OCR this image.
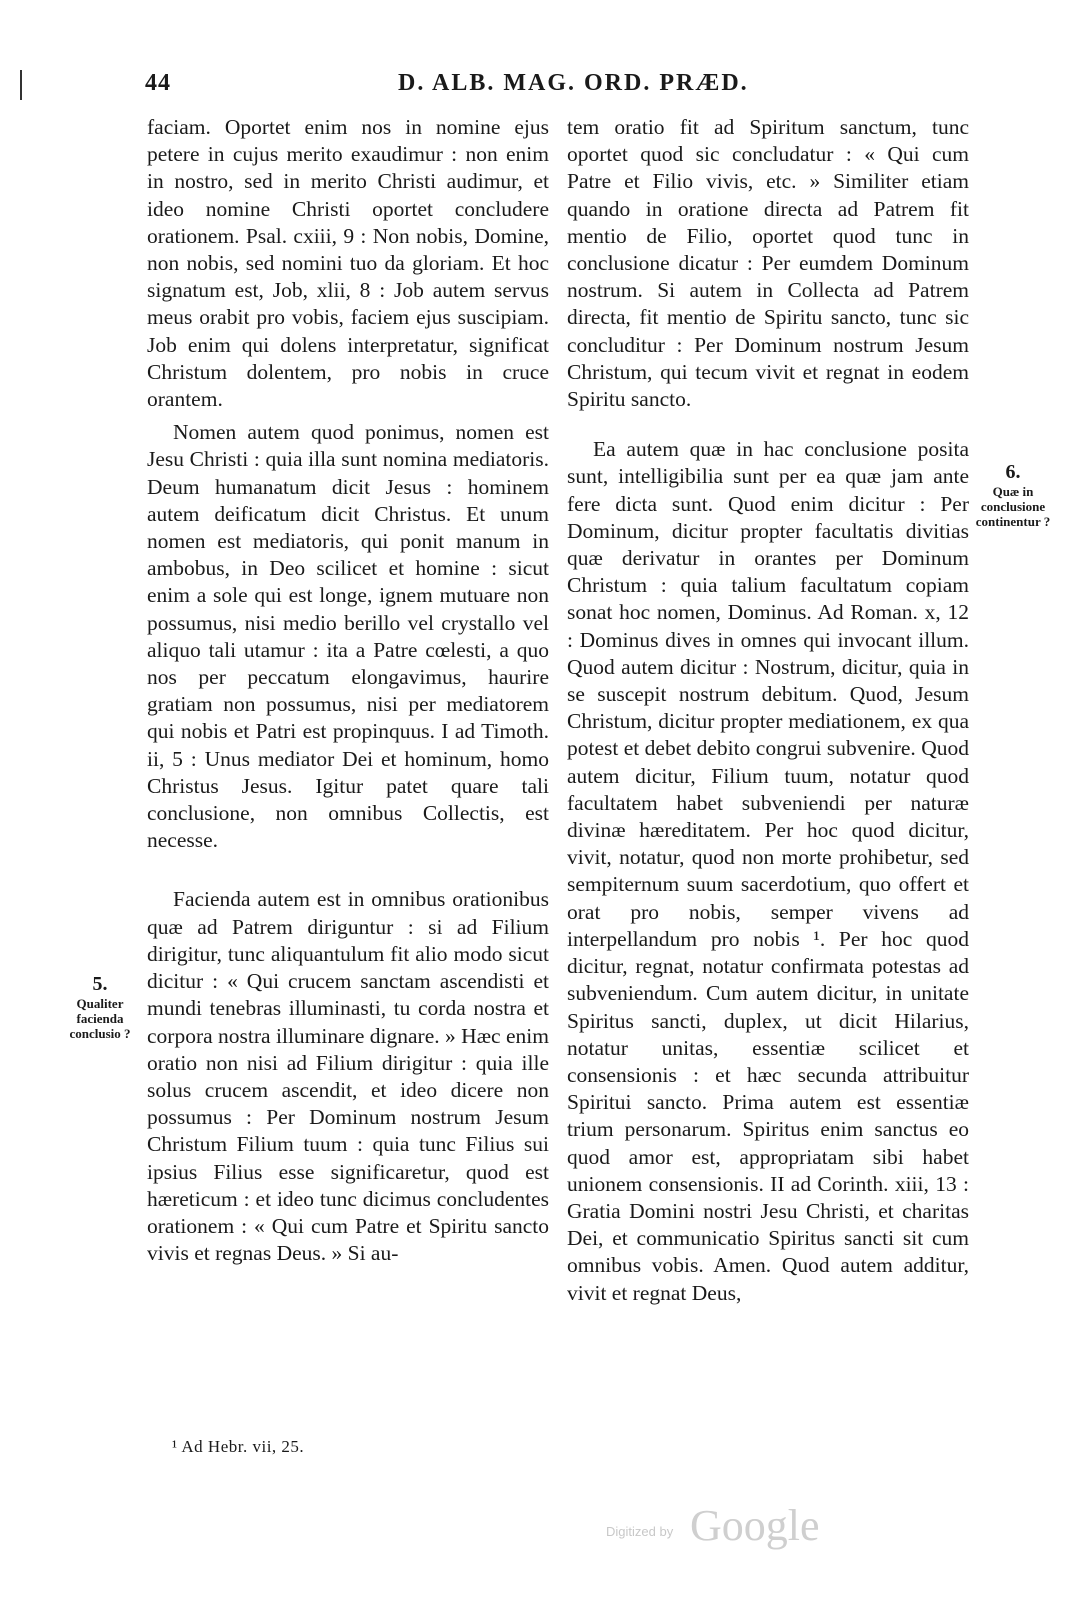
44	D. ALB. MAG. ORD. PRÆD.

faciam. Oportet enim nos in nomine ejus petere in cujus merito exaudimur : non enim in nostro, sed in merito Christi audimur, et ideo nomine Christi oportet concludere orationem. Psal. cxiii, 9 : Non nobis, Domine, non nobis, sed nomini tuo da gloriam. Et hoc signatum est, Job, xlii, 8 : Job autem servus meus orabit pro vobis, faciem ejus suscipiam. Job enim qui dolens interpretatur, significat Christum dolentem, pro nobis in cruce orantem.

Nomen autem quod ponimus, nomen est Jesu Christi : quia illa sunt nomina mediatoris. Deum humanatum dicit Jesus : hominem autem deificatum dicit Christus. Et unum nomen est mediatoris, qui ponit manum in ambobus, in Deo scilicet et homine : sicut enim a sole qui est longe, ignem mutuare non possumus, nisi medio berillo vel crystallo vel aliquo tali utamur : ita a Patre cœlesti, a quo nos per peccatum elongavimus, haurire gratiam non possumus, nisi per mediatorem qui nobis et Patri est propinquus. I ad Timoth. ii, 5 : Unus mediator Dei et hominum, homo Christus Jesus. Igitur patet quare tali conclusione, non omnibus Collectis, est necesse.

Facienda autem est in omnibus orationibus quæ ad Patrem diriguntur : si ad Filium dirigitur, tunc aliquantulum fit alio modo sicut dicitur : « Qui crucem sanctam ascendisti et mundi tenebras illuminasti, tu corda nostra et corpora nostra illuminare dignare. » Hæc enim oratio non nisi ad Filium dirigitur : quia ille solus crucem ascendit, et ideo dicere non possumus : Per Dominum nostrum Jesum Christum Filium tuum : quia tunc Filius sui ipsius Filius esse significaretur, quod est hæreticum : et ideo tunc dicimus concludentes orationem : « Qui cum Patre et Spiritu sancto vivis et regnas Deus. » Si au-

tem oratio fit ad Spiritum sanctum, tunc oportet quod sic concludatur : « Qui cum Patre et Filio vivis, etc. » Similiter etiam quando in oratione directa ad Patrem fit mentio de Filio, oportet quod tunc in conclusione dicatur : Per eumdem Dominum nostrum. Si autem in Collecta ad Patrem directa, fit mentio de Spiritu sancto, tunc sic concluditur : Per Dominum nostrum Jesum Christum, qui tecum vivit et regnat in eodem Spiritu sancto.

Ea autem quæ in hac conclusione posita sunt, intelligibilia sunt per ea quæ jam ante fere dicta sunt. Quod enim dicitur : Per Dominum, dicitur propter facultatis divitias quæ derivatur in orantes per Dominum Christum : quia talium facultatum copiam sonat hoc nomen, Dominus. Ad Roman. x, 12 : Dominus dives in omnes qui invocant illum. Quod autem dicitur : Nostrum, dicitur, quia in se suscepit nostrum debitum. Quod, Jesum Christum, dicitur propter mediationem, ex qua potest et debet debito congrui subvenire. Quod autem dicitur, Filium tuum, notatur quod facultatem habet subveniendi per naturæ divinæ hæreditatem. Per hoc quod dicitur, vivit, notatur, quod non morte prohibetur, sed sempiternum suum sacerdotium, quo offert et orat pro nobis, semper vivens ad interpellandum pro nobis ¹. Per hoc quod dicitur, regnat, notatur confirmata potestas ad subveniendum. Cum autem dicitur, in unitate Spiritus sancti, duplex, ut dicit Hilarius, notatur unitas, essentiæ scilicet et consensionis : et hæc secunda attribuitur Spiritui sancto. Prima autem est essentiæ trium personarum. Spiritus enim sanctus eo quod amor est, appropriatam sibi habet unionem consensionis. II ad Corinth. xiii, 13 : Gratia Domini nostri Jesu Christi, et charitas Dei, et communicatio Spiritus sancti sit cum omnibus vobis. Amen. Quod autem additur, vivit et regnat Deus,

5.
Qualiter facienda conclusio ?
6.
Quæ in conclusione continentur ?
¹ Ad Hebr. vii, 25.
Digitized by Google
